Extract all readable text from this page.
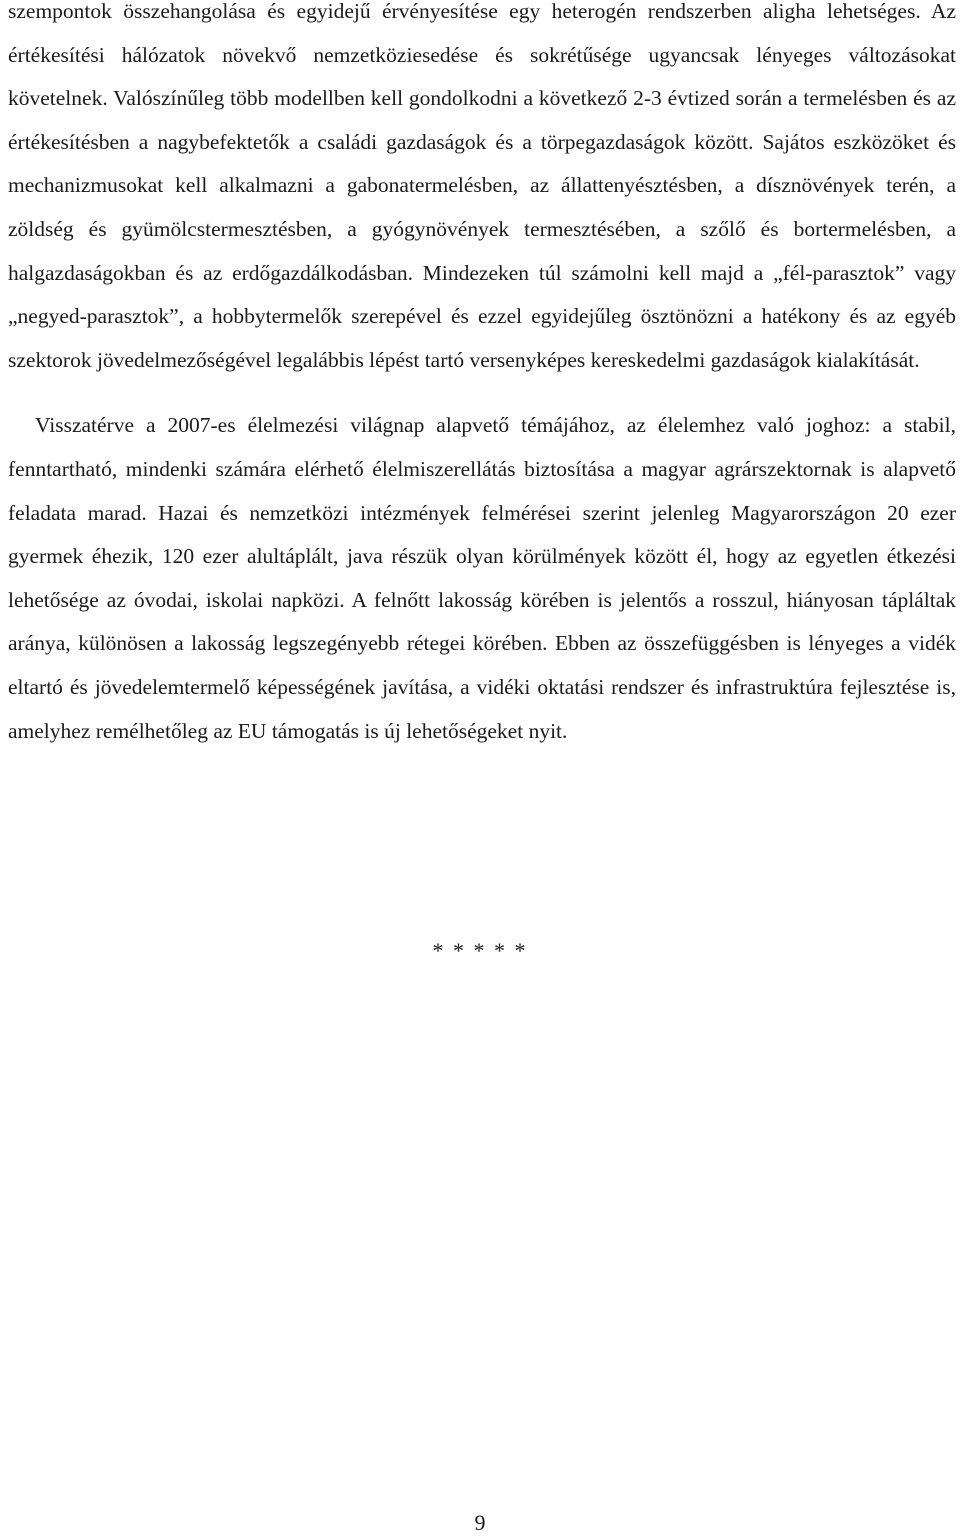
szempontok összehangolása és egyidejű érvényesítése egy heterogén rendszerben aligha lehetséges. Az értékesítési hálózatok növekvő nemzetköziesedése és sokrétűsége ugyancsak lényeges változásokat követelnek. Valószínűleg több modellben kell gondolkodni a következő 2-3 évtized során a termelésben és az értékesítésben a nagybefektetők a családi gazdaságok és a törpegazdaságok között. Sajátos eszközöket és mechanizmusokat kell alkalmazni a gabonatermelésben, az állattenyésztésben, a dísznövények terén, a zöldség és gyümölcstermesztésben, a gyógynövények termesztésében, a szőlő és bortermelésben, a halgazdaságokban és az erdőgazdálkodásban. Mindezeken túl számolni kell majd a „fél-parasztok” vagy „negyed-parasztok”, a hobbytermelők szerepével és ezzel egyidejűleg ösztönözni a hatékony és az egyéb szektorok jövedelmezőségével legalábbis lépést tartó versenyképes kereskedelmi gazdaságok kialakítását.

Visszatérve a 2007-es élelmezési világnap alapvető témájához, az élelemhez való joghoz: a stabil, fenntartható, mindenki számára elérhető élelmiszerellátás biztosítása a magyar agrárszektornak is alapvető feladata marad. Hazai és nemzetközi intézmények felmérései szerint jelenleg Magyarországon 20 ezer gyermek éhezik, 120 ezer alultáplált, java részük olyan körülmények között él, hogy az egyetlen étkezési lehetősége az óvodai, iskolai napközi. A felnőtt lakosság körében is jelentős a rosszul, hiányosan tápláltak aránya, különösen a lakosság legszegényebb rétegei körében. Ebben az összefüggésben is lényeges a vidék eltartó és jövedelemtermelő képességének javítása, a vidéki oktatási rendszer és infrastruktúra fejlesztése is, amelyhez remélhetőleg az EU támogatás is új lehetőségeket nyit.

* * * * *
9
